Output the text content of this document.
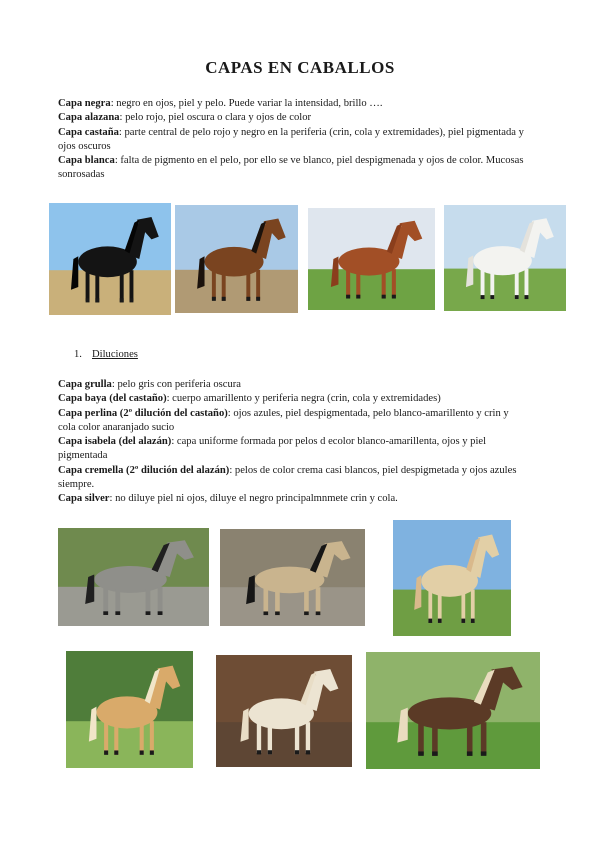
CAPAS EN CABALLOS
Capa negra: negro en ojos, piel y pelo. Puede variar la intensidad, brillo ….
Capa alazana: pelo rojo, piel oscura o clara y ojos de color
Capa castaña: parte central de pelo rojo y negro en la periferia (crin, cola y extremidades), piel pigmentada y ojos oscuros
Capa blanca: falta de pigmento en el pelo, por ello se ve blanco, piel despigmenada y ojos de color. Mucosas sonrosadas
1. Diluciones
Capa grulla: pelo gris con periferia oscura
Capa baya (del castaño): cuerpo amarillento y periferia negra (crin, cola y extremidades)
Capa perlina (2º dilución del castaño): ojos azules, piel despigmentada, pelo blanco-amarillento y crin y cola color anaranjado sucio
Capa isabela (del alazán): capa uniforme formada por pelos d ecolor blanco-amarillenta, ojos y piel pigmentada
Capa cremella (2º dilución del alazán): pelos de color crema casi blancos, piel despigmetada y ojos azules siempre.
Capa silver: no diluye piel ni ojos, diluye el negro principalmnmete crin y cola.
